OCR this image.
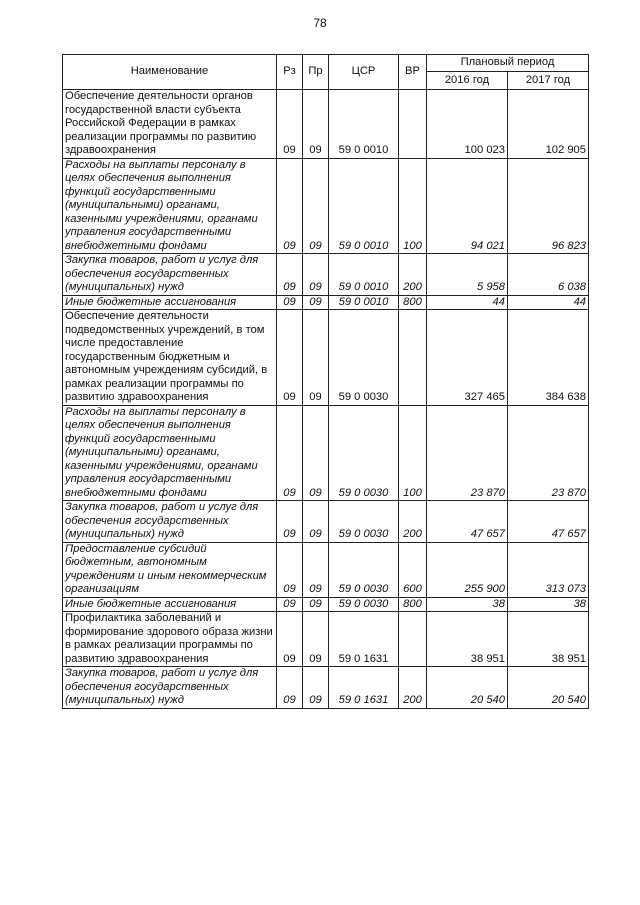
78
Наименование	Рз	Пр	ЦСР	ВР	Плановый период	
					2016 год	2017 год
Обеспечение деятельности органов государственной власти субъекта Российской Федерации в рамках реализации программы по развитию здравоохранения	09	09	59 0 0010		100 023	102 905
Расходы на выплаты персоналу в целях обеспечения выполнения функций государственными (муниципальными) органами, казенными учреждениями, органами управления государственными внебюджетными фондами	09	09	59 0 0010	100	94 021	96 823
Закупка товаров, работ и услуг для обеспечения государственных (муниципальных) нужд	09	09	59 0 0010	200	5 958	6 038
Иные бюджетные ассигнования	09	09	59 0 0010	800	44	44
Обеспечение деятельности подведомственных учреждений, в том числе предоставление государственным бюджетным и автономным учреждениям субсидий, в рамках реализации программы по развитию здравоохранения	09	09	59 0 0030		327 465	384 638
Расходы на выплаты персоналу в целях обеспечения выполнения функций государственными (муниципальными) органами, казенными учреждениями, органами управления государственными внебюджетными фондами	09	09	59 0 0030	100	23 870	23 870
Закупка товаров, работ и услуг для обеспечения государственных (муниципальных) нужд	09	09	59 0 0030	200	47 657	47 657
Предоставление субсидий бюджетным, автономным учреждениям и иным некоммерческим организациям	09	09	59 0 0030	600	255 900	313 073
Иные бюджетные ассигнования	09	09	59 0 0030	800	38	38
Профилактика заболеваний и формирование здорового образа жизни в рамках реализации программы по развитию здравоохранения	09	09	59 0 1631		38 951	38 951
Закупка товаров, работ и услуг для обеспечения государственных (муниципальных) нужд	09	09	59 0 1631	200	20 540	20 540
